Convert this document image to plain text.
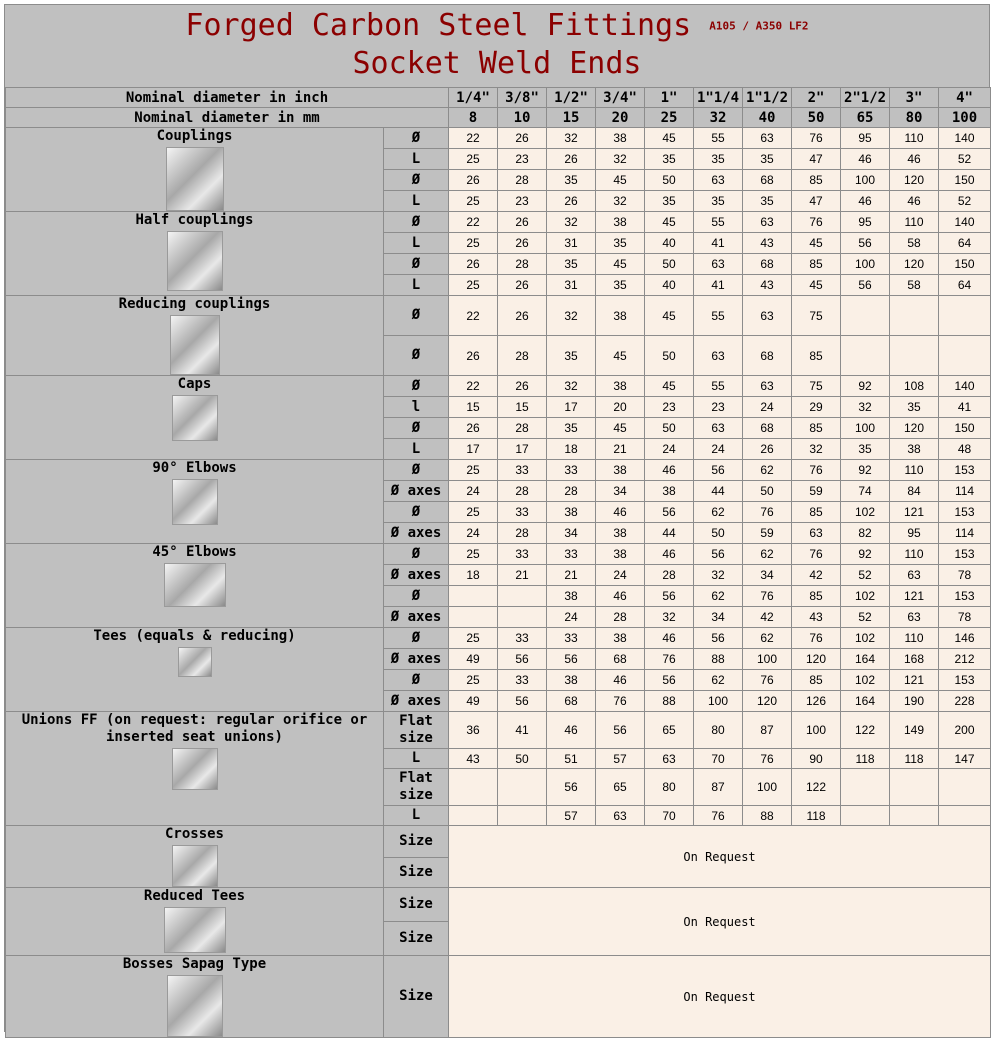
Forged Carbon Steel Fittings A105 / A350 LF2
Socket Weld Ends
Nominal diameter in inch		1/4"	3/8"	1/2"	3/4"	1"	1"1/4	1"1/2	2"	2"1/2	3"	4"
Nominal diameter in mm		8	10	15	20	25	32	40	50	65	80	100

Couplings	Ø	22	26	32	38	45	55	63	76	95	110	140
	L	25	23	26	32	35	35	35	47	46	46	52
	Ø	26	28	35	45	50	63	68	85	100	120	150
	L	25	23	26	32	35	35	35	47	46	46	52

Half couplings	Ø	22	26	32	38	45	55	63	76	95	110	140
	L	25	26	31	35	40	41	43	45	56	58	64
	Ø	26	28	35	45	50	63	68	85	100	120	150
	L	25	26	31	35	40	41	43	45	56	58	64

Reducing couplings	Ø	22	26	32	38	45	55	63	75			
	Ø	26	28	35	45	50	63	68	85			

Caps	Ø	22	26	32	38	45	55	63	75	92	108	140
	l	15	15	17	20	23	23	24	29	32	35	41
	Ø	26	28	35	45	50	63	68	85	100	120	150
	L	17	17	18	21	24	24	26	32	35	38	48

90° Elbows	Ø	25	33	33	38	46	56	62	76	92	110	153
	Ø axes	24	28	28	34	38	44	50	59	74	84	114
	Ø	25	33	38	46	56	62	76	85	102	121	153
	Ø axes	24	28	34	38	44	50	59	63	82	95	114

45° Elbows	Ø	25	33	33	38	46	56	62	76	92	110	153
	Ø axes	18	21	21	24	28	32	34	42	52	63	78
	Ø			38	46	56	62	76	85	102	121	153
	Ø axes			24	28	32	34	42	43	52	63	78

Tees (equals & reducing)	Ø	25	33	33	38	46	56	62	76	102	110	146
	Ø axes	49	56	56	68	76	88	100	120	164	168	212
	Ø	25	33	38	46	56	62	76	85	102	121	153
	Ø axes	49	56	68	76	88	100	120	126	164	190	228

Unions FF (on request: regular orifice or inserted seat unions)	Flat size	36	41	46	56	65	80	87	100	122	149	200
	L	43	50	51	57	63	70	76	90	118	118	147
	Flat size			56	65	80	87	100	122			
	L			57	63	70	76	88	118			

Crosses	Size	On Request										
	Size											

Reduced Tees	Size	On Request										
	Size											

Bosses Sapag Type	Size	On Request										
